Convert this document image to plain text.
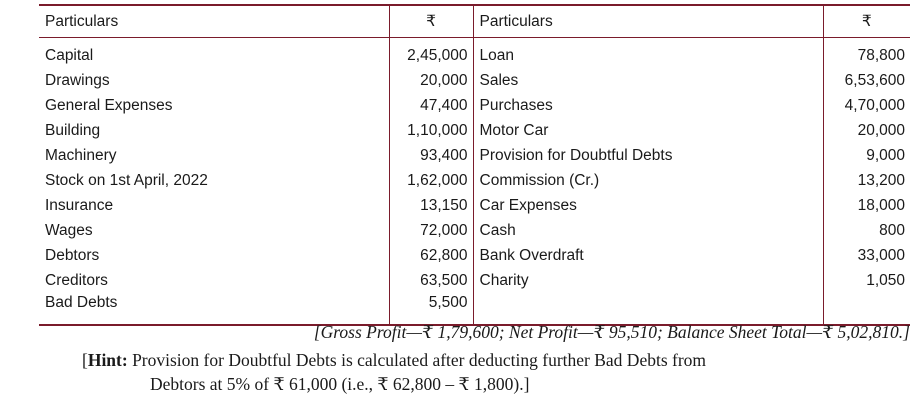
Particulars	₹	Particulars	₹
Capital	2,45,000	Loan	78,800
Drawings	20,000	Sales	6,53,600
General Expenses	47,400	Purchases	4,70,000
Building	1,10,000	Motor Car	20,000
Machinery	93,400	Provision for Doubtful Debts	9,000
Stock on 1st April, 2022	1,62,000	Commission (Cr.)	13,200
Insurance	13,150	Car Expenses	18,000
Wages	72,000	Cash	800
Debtors	62,800	Bank Overdraft	33,000
Creditors	63,500	Charity	1,050
Bad Debts	5,500		
[Gross Profit—₹ 1,79,600; Net Profit—₹ 95,510; Balance Sheet Total—₹ 5,02,810.]
[Hint: Provision for Doubtful Debts is calculated after deducting further Bad Debts from
Debtors at 5% of ₹ 61,000 (i.e., ₹ 62,800 – ₹ 1,800).]
